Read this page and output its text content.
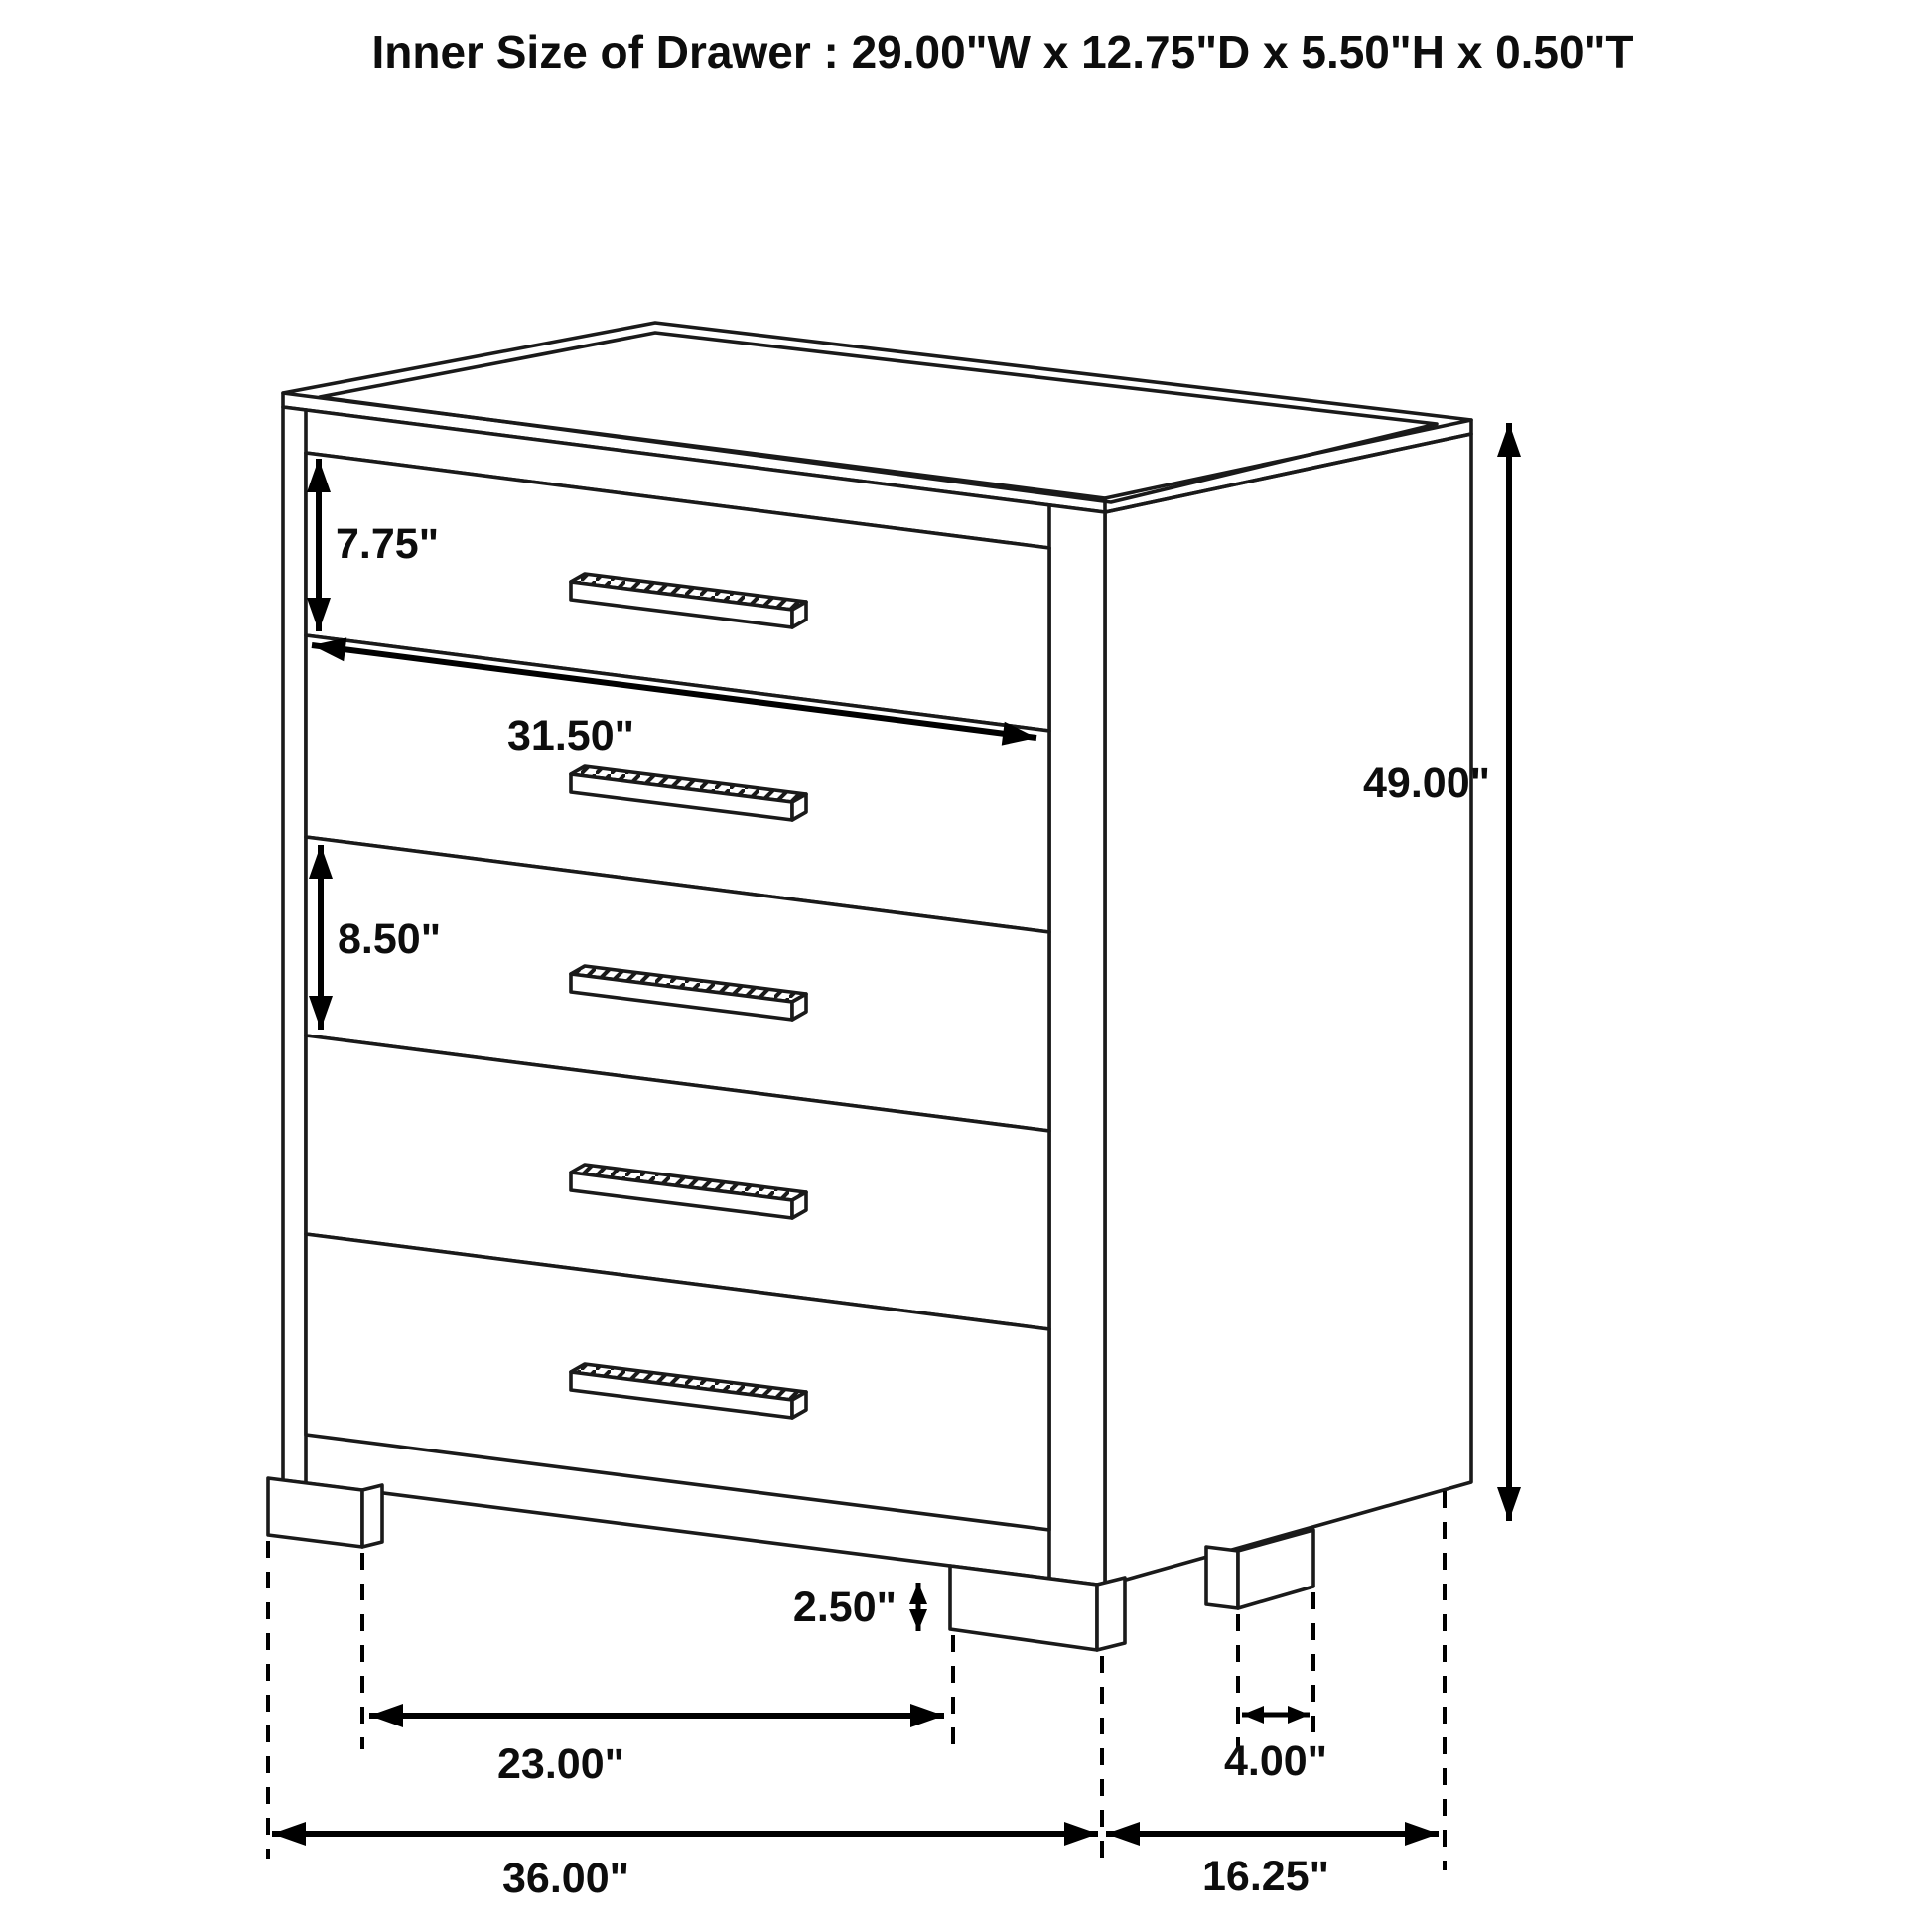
Inner Size of Drawer : 29.00"W x 12.75"D x 5.50"H x 0.50"T
7.75"
31.50"
8.50"
49.00"
2.50"
23.00"	4.00"
36.00"	16.25"
